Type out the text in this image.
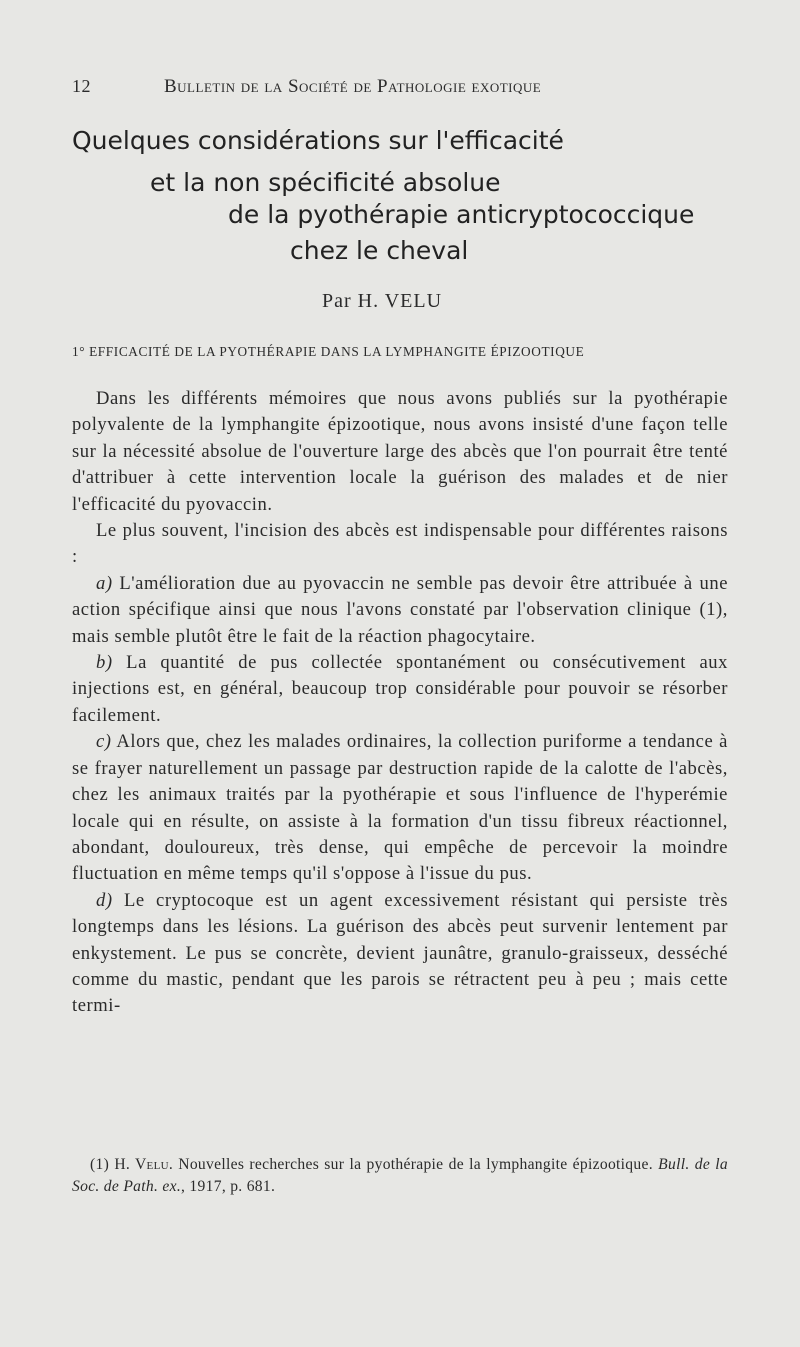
12	Bulletin de la Société de Pathologie exotique
Quelques considérations sur l'efficacité
et la non spécificité absolue
de la pyothérapie anticryptococcique
chez le cheval
Par H. VELU
1° EFFICACITÉ DE LA PYOTHÉRAPIE DANS LA LYMPHANGITE ÉPIZOOTIQUE

Dans les différents mémoires que nous avons publiés sur la pyothérapie polyvalente de la lymphangite épizootique, nous avons insisté d'une façon telle sur la nécessité absolue de l'ouverture large des abcès que l'on pourrait être tenté d'attribuer à cette intervention locale la guérison des malades et de nier l'efficacité du pyovaccin.

Le plus souvent, l'incision des abcès est indispensable pour différentes raisons :

a) L'amélioration due au pyovaccin ne semble pas devoir être attribuée à une action spécifique ainsi que nous l'avons constaté par l'observation clinique (1), mais semble plutôt être le fait de la réaction phagocytaire.

b) La quantité de pus collectée spontanément ou consécutivement aux injections est, en général, beaucoup trop considérable pour pouvoir se résorber facilement.

c) Alors que, chez les malades ordinaires, la collection puriforme a tendance à se frayer naturellement un passage par destruction rapide de la calotte de l'abcès, chez les animaux traités par la pyothérapie et sous l'influence de l'hyperémie locale qui en résulte, on assiste à la formation d'un tissu fibreux réactionnel, abondant, douloureux, très dense, qui empêche de percevoir la moindre fluctuation en même temps qu'il s'oppose à l'issue du pus.

d) Le cryptocoque est un agent excessivement résistant qui persiste très longtemps dans les lésions. La guérison des abcès peut survenir lentement par enkystement. Le pus se concrète, devient jaunâtre, granulo-graisseux, desséché comme du mastic, pendant que les parois se rétractent peu à peu ; mais cette termi-

(1) H. Velu. Nouvelles recherches sur la pyothérapie de la lymphangite épizootique. Bull. de la Soc. de Path. ex., 1917, p. 681.
